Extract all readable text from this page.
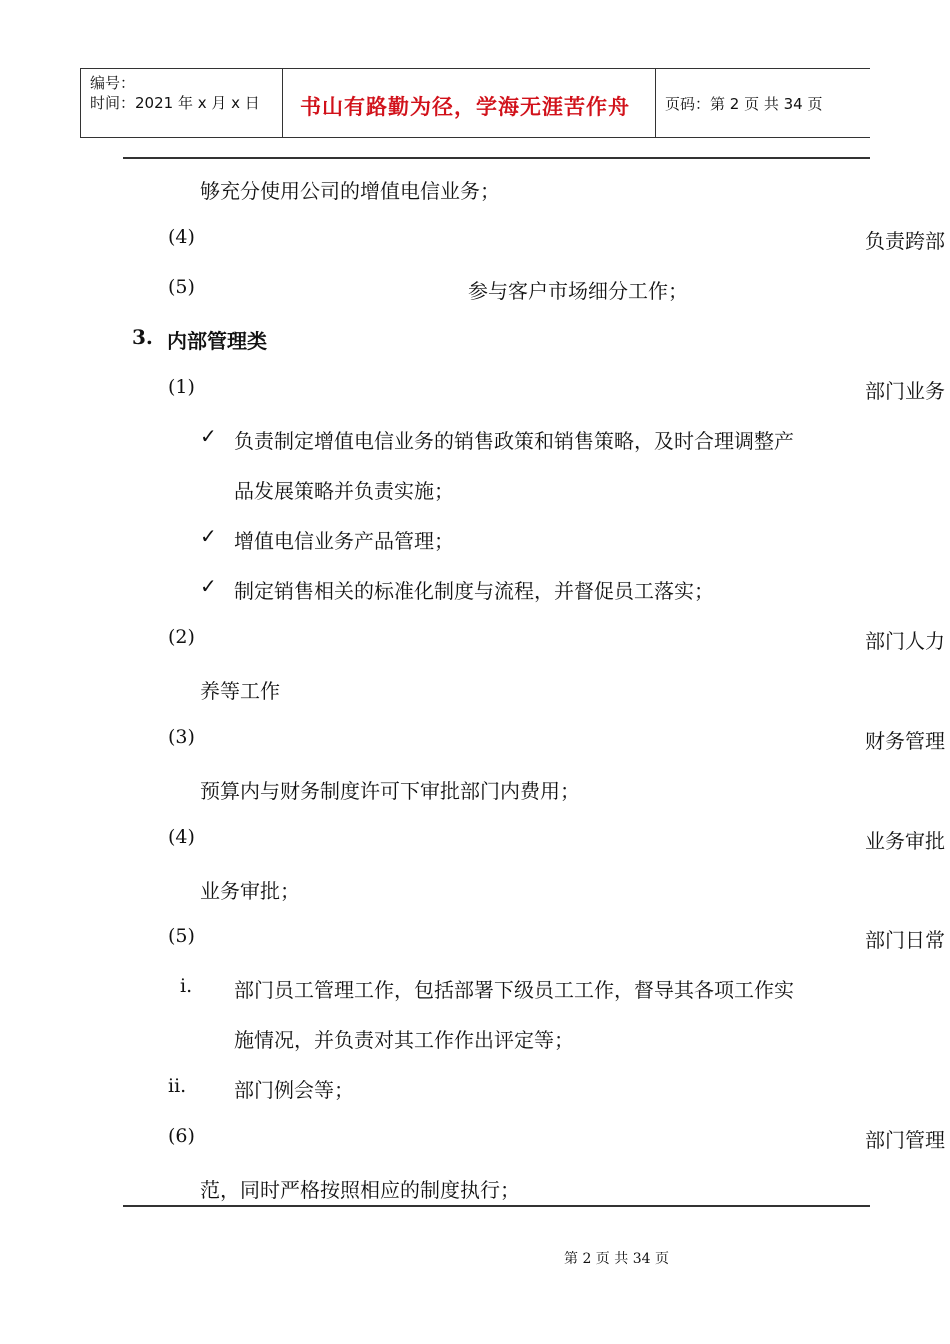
编号：
时间：2021 年 x 月 x 日 书山有路勤为径，学海无涯苦作舟 页码：第 2 页 共 34 页
够充分使用公司的增值电信业务；
(4)	负责跨部
(5)	参与客户市场细分工作；
3. 内部管理类
(1)	部门业务
✓ 负责制定增值电信业务的销售政策和销售策略，及时合理调整产
品发展策略并负责实施；
✓ 增值电信业务产品管理；
✓ 制定销售相关的标准化制度与流程，并督促员工落实；
(2)	部门人力
养等工作
(3)	财务管理
预算内与财务制度许可下审批部门内费用；
(4)	业务审批
业务审批；
(5)	部门日常
i. 部门员工管理工作，包括部署下级员工工作，督导其各项工作实
施情况，并负责对其工作作出评定等；
ii. 部门例会等；
(6)	部门管理
范，同时严格按照相应的制度执行；
第 2 页 共 34 页
